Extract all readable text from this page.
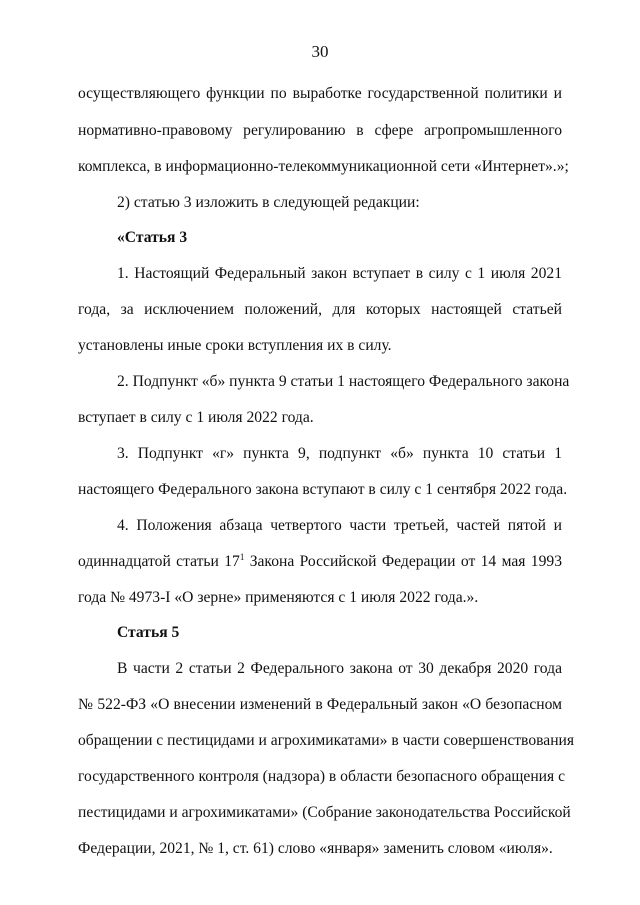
30
осуществляющего функции по выработке государственной политики и
нормативно-правовому регулированию в сфере агропромышленного
комплекса, в информационно-телекоммуникационной сети «Интернет».»;
2) статью 3 изложить в следующей редакции:
«Статья 3
1. Настоящий Федеральный закон вступает в силу с 1 июля 2021
года, за исключением положений, для которых настоящей статьей
установлены иные сроки вступления их в силу.
2. Подпункт «б» пункта 9 статьи 1 настоящего Федерального закона
вступает в силу с 1 июля 2022 года.
3. Подпункт «г» пункта 9, подпункт «б» пункта 10 статьи 1
настоящего Федерального закона вступают в силу с 1 сентября 2022 года.
4. Положения абзаца четвертого части третьей, частей пятой и
одиннадцатой статьи $17^1$ Закона Российской Федерации от 14 мая 1993
года № 4973-I «О зерне» применяются с 1 июля 2022 года.».
Статья 5
В части 2 статьи 2 Федерального закона от 30 декабря 2020 года
№ 522-ФЗ «О внесении изменений в Федеральный закон «О безопасном
обращении с пестицидами и агрохимикатами» в части совершенствования
государственного контроля (надзора) в области безопасного обращения с
пестицидами и агрохимикатами» (Собрание законодательства Российской
Федерации, 2021, № 1, ст. 61) слово «января» заменить словом «июля».
